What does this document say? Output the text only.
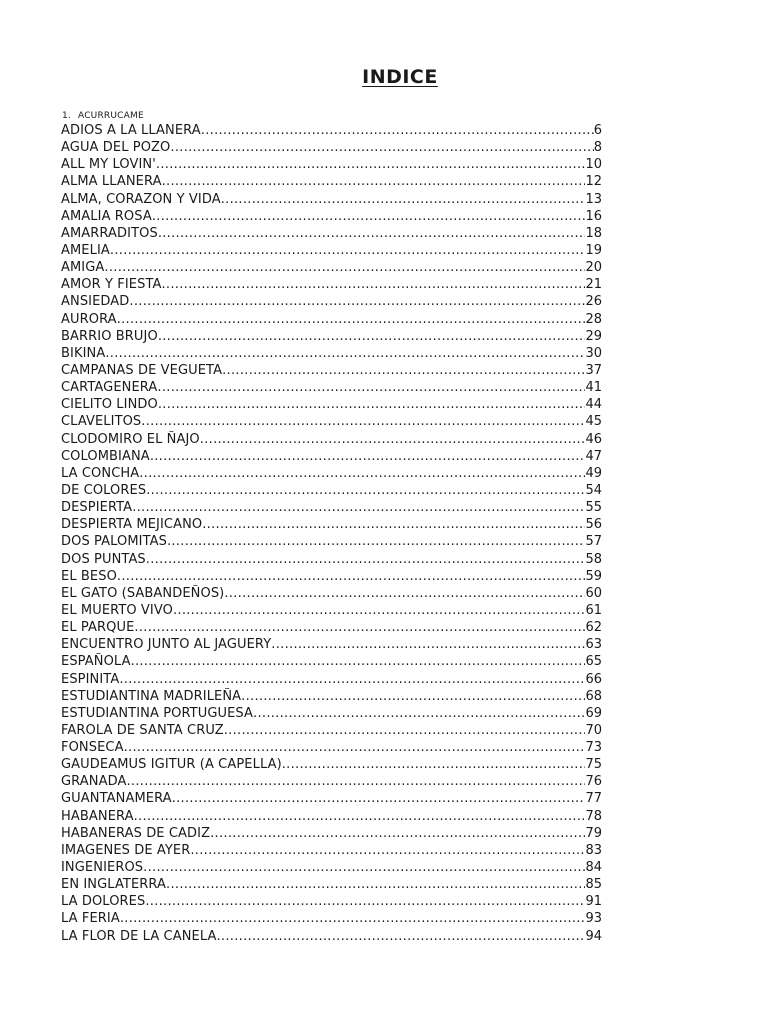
INDICE
1. ACURRUCAME
ADIOS A LA LLANERA .....	6
AGUA DEL POZO .....	8
ALL MY LOVIN' .....	10
ALMA LLANERA .....	12
ALMA, CORAZON Y VIDA .....	13
AMALIA ROSA .....	16
AMARRADITOS .....	18
AMELIA .....	19
AMIGA .....	20
AMOR Y FIESTA .....	21
ANSIEDAD .....	26
AURORA .....	28
BARRIO BRUJO .....	29
BIKINA .....	30
CAMPANAS DE VEGUETA .....	37
CARTAGENERA .....	41
CIELITO LINDO .....	44
CLAVELITOS .....	45
CLODOMIRO EL ÑAJO .....	46
COLOMBIANA .....	47
LA CONCHA .....	49
DE COLORES .....	54
DESPIERTA .....	55
DESPIERTA MEJICANO .....	56
DOS PALOMITAS .....	57
DOS PUNTAS .....	58
EL BESO .....	59
EL GATO (SABANDEÑOS) .....	60
EL MUERTO VIVO .....	61
EL PARQUE .....	62
ENCUENTRO JUNTO AL JAGUERY .....	63
ESPAÑOLA .....	65
ESPINITA .....	66
ESTUDIANTINA MADRILEÑA .....	68
ESTUDIANTINA PORTUGUESA .....	69
FAROLA DE SANTA CRUZ .....	70
FONSECA .....	73
GAUDEAMUS IGITUR (A CAPELLA) .....	75
GRANADA .....	76
GUANTANAMERA .....	77
HABANERA .....	78
HABANERAS DE CADIZ .....	79
IMAGENES DE AYER .....	83
INGENIEROS .....	84
EN INGLATERRA .....	85
LA DOLORES .....	91
LA FERIA .....	93
LA FLOR DE LA CANELA .....	94
